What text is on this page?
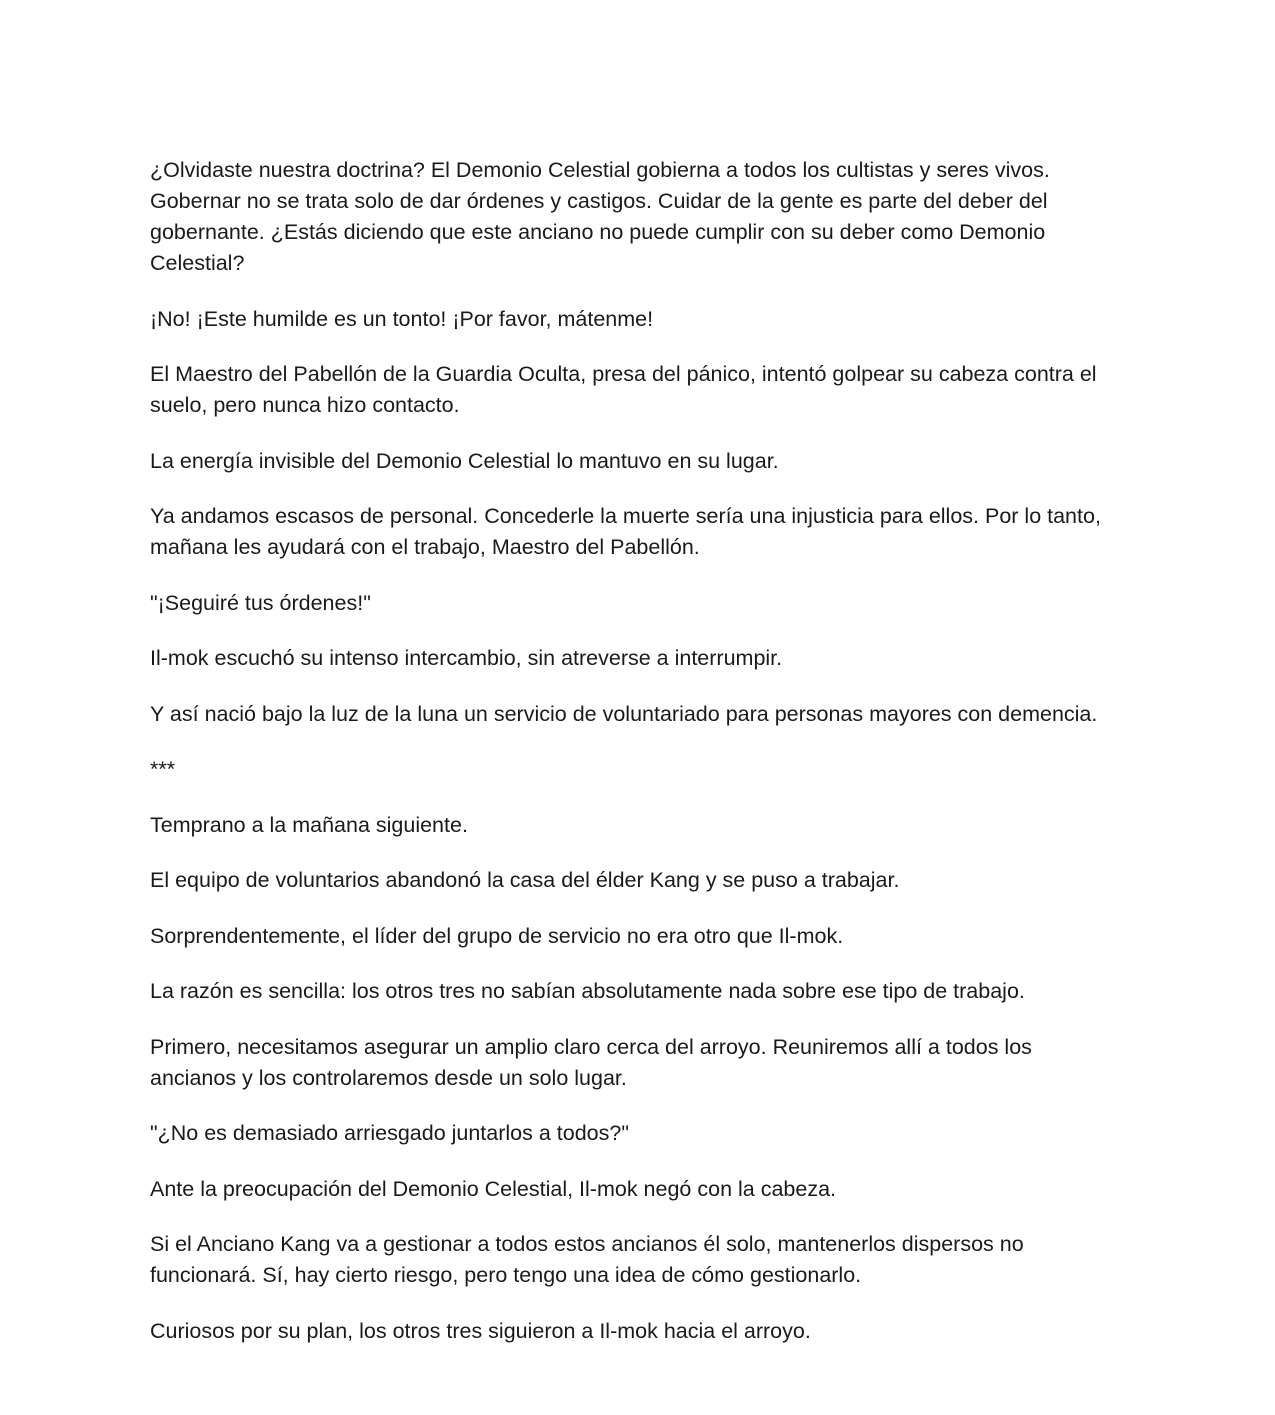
¿Olvidaste nuestra doctrina? El Demonio Celestial gobierna a todos los cultistas y seres vivos. Gobernar no se trata solo de dar órdenes y castigos. Cuidar de la gente es parte del deber del gobernante. ¿Estás diciendo que este anciano no puede cumplir con su deber como Demonio Celestial?

¡No! ¡Este humilde es un tonto! ¡Por favor, mátenme!

El Maestro del Pabellón de la Guardia Oculta, presa del pánico, intentó golpear su cabeza contra el suelo, pero nunca hizo contacto.

La energía invisible del Demonio Celestial lo mantuvo en su lugar.

Ya andamos escasos de personal. Concederle la muerte sería una injusticia para ellos. Por lo tanto, mañana les ayudará con el trabajo, Maestro del Pabellón.

"¡Seguiré tus órdenes!"

Il-mok escuchó su intenso intercambio, sin atreverse a interrumpir.

Y así nació bajo la luz de la luna un servicio de voluntariado para personas mayores con demencia.

***

Temprano a la mañana siguiente.

El equipo de voluntarios abandonó la casa del élder Kang y se puso a trabajar.

Sorprendentemente, el líder del grupo de servicio no era otro que Il-mok.

La razón es sencilla: los otros tres no sabían absolutamente nada sobre ese tipo de trabajo.

Primero, necesitamos asegurar un amplio claro cerca del arroyo. Reuniremos allí a todos los ancianos y los controlaremos desde un solo lugar.

"¿No es demasiado arriesgado juntarlos a todos?"

Ante la preocupación del Demonio Celestial, Il-mok negó con la cabeza.

Si el Anciano Kang va a gestionar a todos estos ancianos él solo, mantenerlos dispersos no funcionará. Sí, hay cierto riesgo, pero tengo una idea de cómo gestionarlo.

Curiosos por su plan, los otros tres siguieron a Il-mok hacia el arroyo.
